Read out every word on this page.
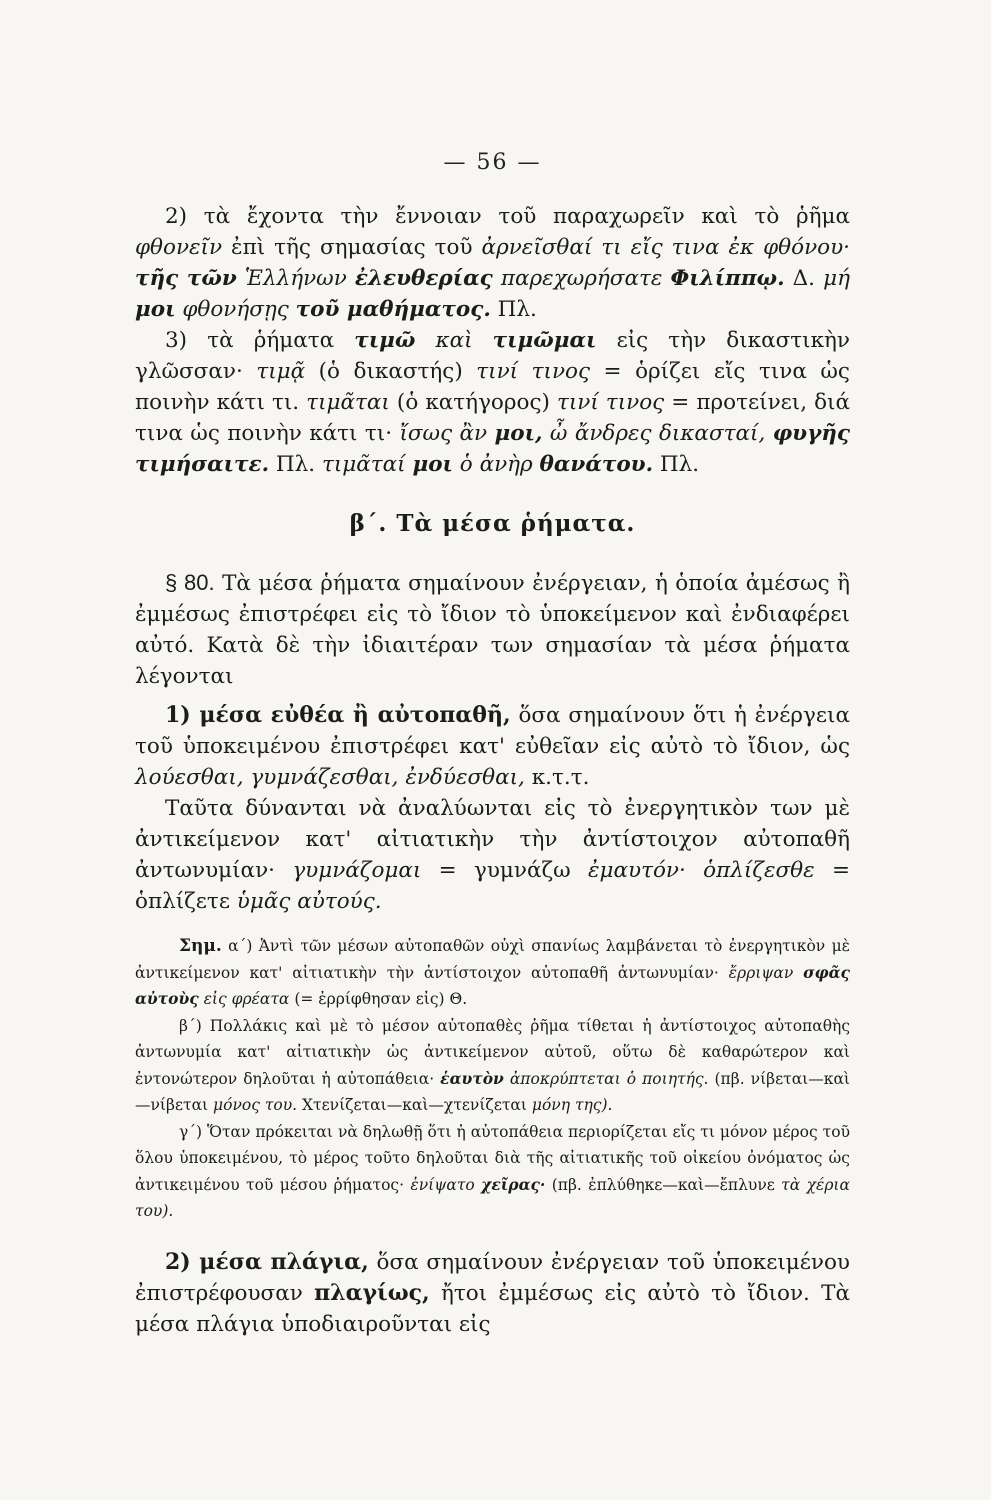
— 56 —

2) τὰ ἔχοντα τὴν ἔννοιαν τοῦ παραχωρεῖν καὶ τὸ ῥῆμα φθονεῖν ἐπὶ τῆς σημασίας τοῦ ἀρνεῖσθαί τι εἴς τινα ἐκ φθόνου· τῆς τῶν Ἑλλήνων ἐλευθερίας παρεχωρήσατε Φιλίππῳ. Δ. μή μοι φθονήσῃς τοῦ μαθήματος. Πλ.

3) τὰ ῥήματα τιμῶ καὶ τιμῶμαι εἰς τὴν δικαστικὴν γλῶσσαν· τιμᾷ (ὁ δικαστής) τινί τινος = ὁρίζει εἴς τινα ὡς ποινὴν κάτι τι. τιμᾶται (ὁ κατήγορος) τινί τινος = προτείνει, διά τινα ὡς ποινὴν κάτι τι· ἴσως ἂν μοι, ὦ ἄνδρες δικασταί, φυγῆς τιμήσαιτε. Πλ. τιμᾶταί μοι ὁ ἀνὴρ θανάτου. Πλ.

β΄. Τὰ μέσα ῥήματα.

§ 80. Τὰ μέσα ῥήματα σημαίνουν ἐνέργειαν, ἡ ὁποία ἀμέσως ἢ ἐμμέσως ἐπιστρέφει εἰς τὸ ἴδιον τὸ ὑποκείμενον καὶ ἐνδιαφέρει αὐτό. Κατὰ δὲ τὴν ἰδιαιτέραν των σημασίαν τὰ μέσα ῥήματα λέγονται

1) μέσα εὐθέα ἢ αὐτοπαθῆ, ὅσα σημαίνουν ὅτι ἡ ἐνέργεια τοῦ ὑποκειμένου ἐπιστρέφει κατ' εὐθεῖαν εἰς αὐτὸ τὸ ἴδιον, ὡς λούεσθαι, γυμνάζεσθαι, ἐνδύεσθαι, κ.τ.τ.

Ταῦτα δύνανται νὰ ἀναλύωνται εἰς τὸ ἐνεργητικὸν των μὲ ἀντικείμενον κατ' αἰτιατικὴν τὴν ἀντίστοιχον αὐτοπαθῆ ἀντωνυμίαν· γυμνάζομαι = γυμνάζω ἐμαυτόν· ὁπλίζεσθε = ὁπλίζετε ὑμᾶς αὐτούς.

Σημ. α΄) Ἀντὶ τῶν μέσων αὐτοπαθῶν οὐχὶ σπανίως λαμβάνεται τὸ ἐνεργητικὸν μὲ ἀντικείμενον κατ' αἰτιατικὴν τὴν ἀντίστοιχον αὐτοπαθῆ ἀντωνυμίαν· ἔρριψαν σφᾶς αὐτοὺς εἰς φρέατα (= ἐρρίφθησαν εἰς) Θ.

β΄) Πολλάκις καὶ μὲ τὸ μέσον αὐτοπαθὲς ῥῆμα τίθεται ἡ ἀντίστοιχος αὐτοπαθὴς ἀντωνυμία κατ' αἰτιατικὴν ὡς ἀντικείμενον αὐτοῦ, οὕτω δὲ καθαρώτερον καὶ ἐντονώτερον δηλοῦται ἡ αὐτοπάθεια· ἑαυτὸν ἀποκρύπτεται ὁ ποιητής. (πβ. νίβεται—καὶ—νίβεται μόνος του. Χτενίζεται—καὶ—χτενίζεται μόνη της).

γ΄) Ὅταν πρόκειται νὰ δηλωθῇ ὅτι ἡ αὐτοπάθεια περιορίζεται εἴς τι μόνον μέρος τοῦ ὅλου ὑποκειμένου, τὸ μέρος τοῦτο δηλοῦται διὰ τῆς αἰτιατικῆς τοῦ οἰκείου ὀνόματος ὡς ἀντικειμένου τοῦ μέσου ῥήματος· ἐνίψατο χεῖρας· (πβ. ἐπλύθηκε—καὶ—ἔπλυνε τὰ χέρια του).

2) μέσα πλάγια, ὅσα σημαίνουν ἐνέργειαν τοῦ ὑποκειμένου ἐπιστρέφουσαν πλαγίως, ἤτοι ἐμμέσως εἰς αὐτὸ τὸ ἴδιον. Τὰ μέσα πλάγια ὑποδιαιροῦνται εἰς
